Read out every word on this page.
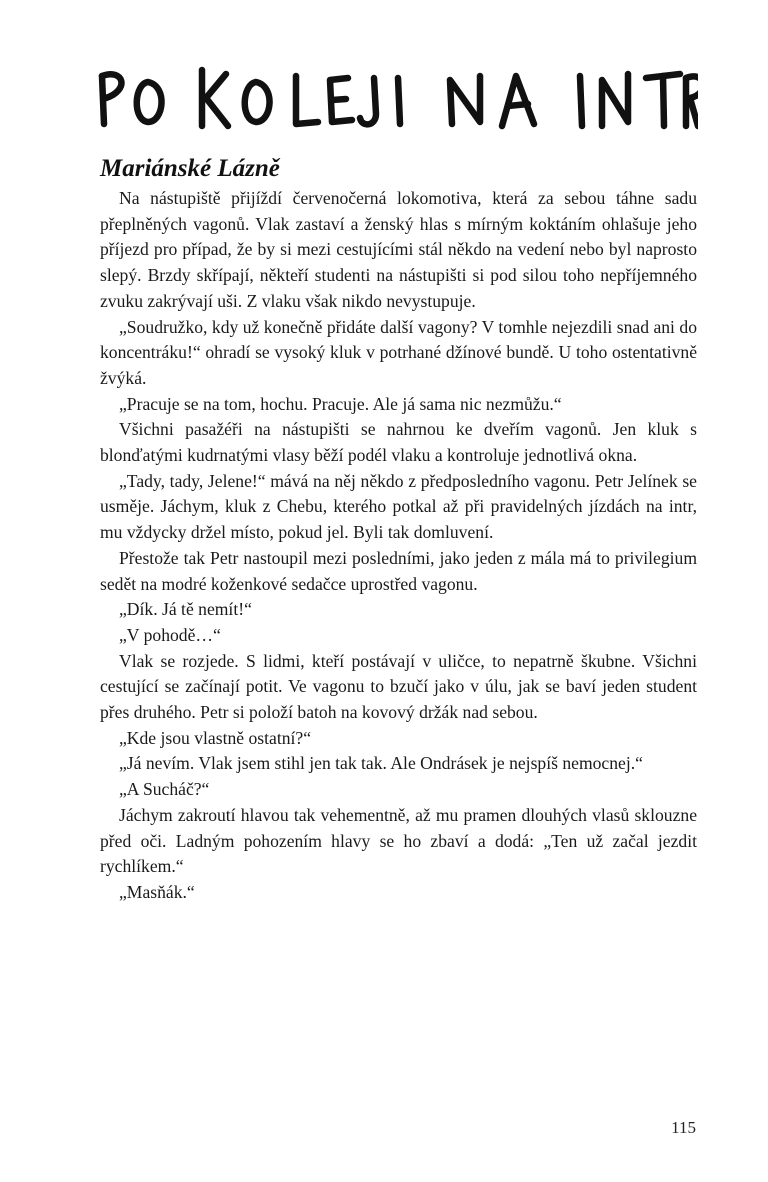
Mariánské Lázně

Na nástupiště přijíždí červenočerná lokomotiva, která za sebou táhne sadu přeplněných vagonů. Vlak zastaví a ženský hlas s mírným koktáním ohlašuje jeho příjezd pro případ, že by si mezi cestujícími stál někdo na vedení nebo byl naprosto slepý. Brzdy skřípají, někteří studenti na nástupišti si pod silou toho nepříjemného zvuku zakrývají uši. Z vlaku však nikdo nevystupuje.

„Soudružko, kdy už konečně přidáte další vagony? V tomhle nejezdili snad ani do koncentráku!“ ohradí se vysoký kluk v potrhané džínové bundě. U toho ostentativně žvýká.

„Pracuje se na tom, hochu. Pracuje. Ale já sama nic nezmůžu.“

Všichni pasažéři na nástupišti se nahrnou ke dveřím vagonů. Jen kluk s blonďatými kudrnatými vlasy běží podél vlaku a kontroluje jednotlivá okna.

„Tady, tady, Jelene!“ mává na něj někdo z předposledního vagonu. Petr Jelínek se usměje. Jáchym, kluk z Chebu, kterého potkal až při pravidelných jízdách na intr, mu vždycky držel místo, pokud jel. Byli tak domluvení.

Přestože tak Petr nastoupil mezi posledními, jako jeden z mála má to privilegium sedět na modré koženkové sedačce uprostřed vagonu.

„Dík. Já tě nemít!“

„V pohodě…“

Vlak se rozjede. S lidmi, kteří postávají v uličce, to nepatrně škubne. Všichni cestující se začínají potit. Ve vagonu to bzučí jako v úlu, jak se baví jeden student přes druhého. Petr si položí batoh na kovový držák nad sebou.

„Kde jsou vlastně ostatní?“

„Já nevím. Vlak jsem stihl jen tak tak. Ale Ondrásek je nejspíš nemocnej.“

„A Sucháč?“

Jáchym zakroutí hlavou tak vehementně, až mu pramen dlouhých vlasů sklouzne před oči. Ladným pohozením hlavy se ho zbaví a dodá: „Ten už začal jezdit rychlíkem.“

„Masňák.“

115
